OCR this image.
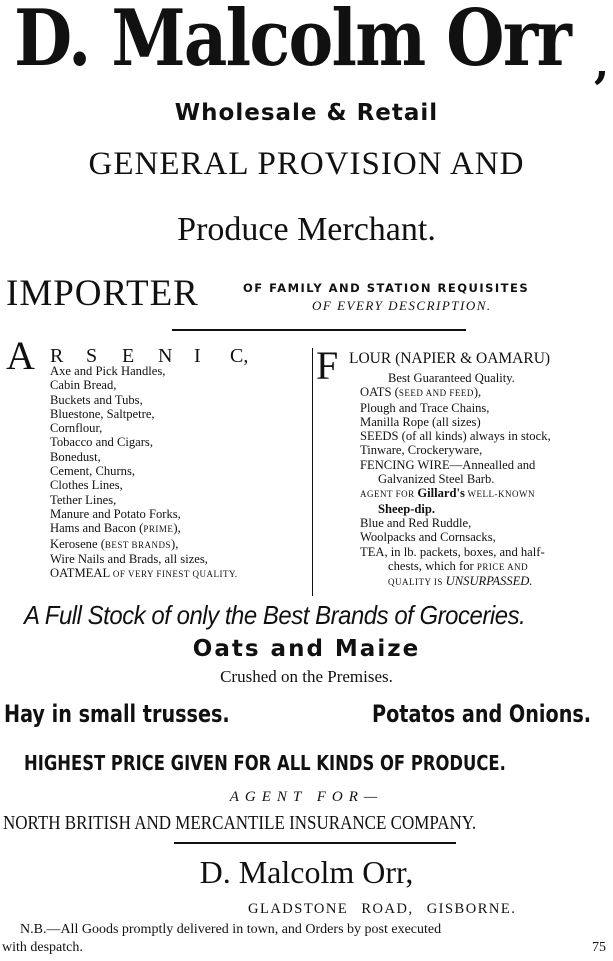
D. Malcolm Orr ,
Wholesale & Retail
GENERAL PROVISION AND
Produce Merchant.
IMPORTER	OF FAMILY AND STATION REQUISITES
OF EVERY DESCRIPTION.
A R S E N I C,
Axe and Pick Handles,
Cabin Bread,
Buckets and Tubs,
Bluestone, Saltpetre,
Cornflour,
Tobacco and Cigars,
Bonedust,
Cement, Churns,
Clothes Lines,
Tether Lines,
Manure and Potato Forks,
Hams and Bacon (PRIME),
Kerosene (BEST BRANDS),
Wire Nails and Brads, all sizes,
OATMEAL OF VERY FINEST QUALITY.
F LOUR (NAPIER & OAMARU)
Best Guaranteed Quality.
OATS (SEED AND FEED),
Plough and Trace Chains,
Manilla Rope (all sizes)
SEEDS (of all kinds) always in stock,
Tinware, Crockeryware,
FENCING WIRE—Annealled and
Galvanized Steel Barb.
AGENT FOR Gillard's WELL-KNOWN
Sheep-dip.
Blue and Red Ruddle,
Woolpacks and Cornsacks,
TEA, in lb. packets, boxes, and half-
chests, which for PRICE AND
QUALITY IS UNSURPASSED.
A Full Stock of only the Best Brands of Groceries.
Oats and Maize
Crushed on the Premises.
Hay in small trusses.	Potatos and Onions.
HIGHEST PRICE GIVEN FOR ALL KINDS OF PRODUCE.
AGENT FOR—
NORTH BRITISH AND MERCANTILE INSURANCE COMPANY.
D. Malcolm Orr,
GLADSTONE ROAD, GISBORNE.
N.B.—All Goods promptly delivered in town, and Orders by post executed
with despatch.	75
